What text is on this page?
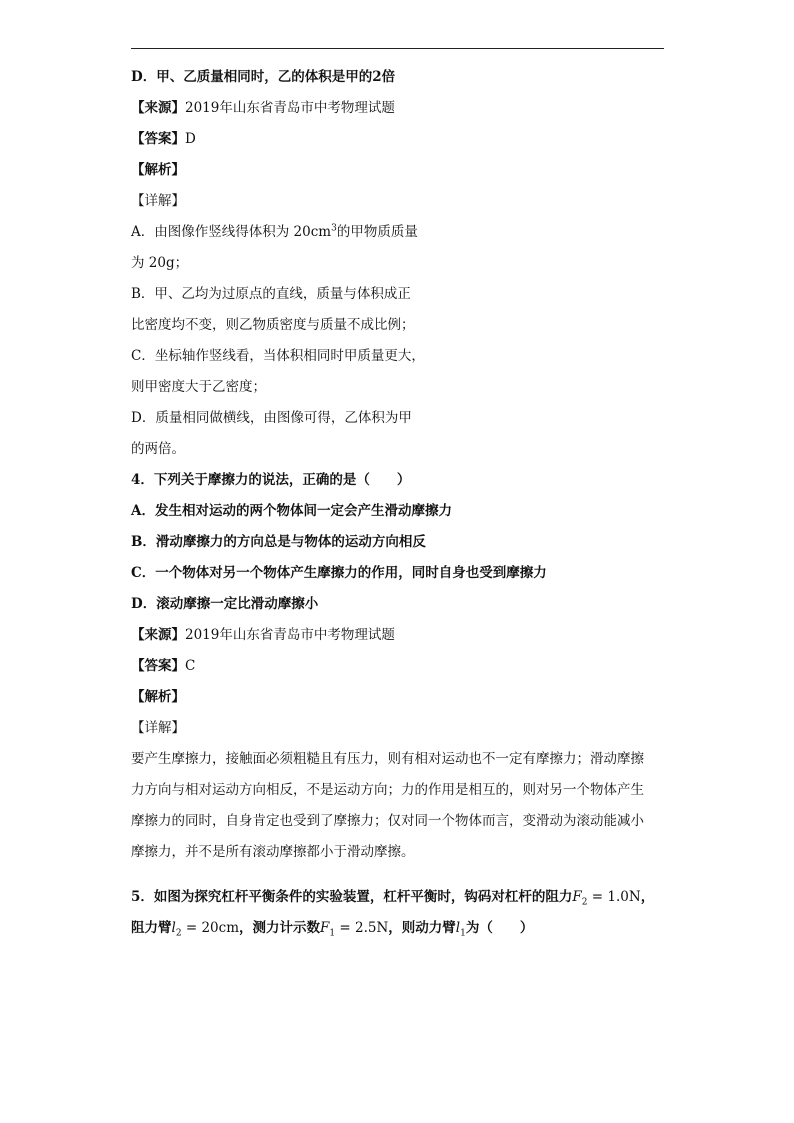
D．甲、乙质量相同时，乙的体积是甲的2倍
【来源】2019年山东省青岛市中考物理试题
【答案】D
【解析】
【详解】
A．由图像作竖线得体积为 $20cm^3$的甲物质质量
为 20g；
B．甲、乙均为过原点的直线，质量与体积成正
比密度均不变，则乙物质密度与质量不成比例；
C．坐标轴作竖线看，当体积相同时甲质量更大，
则甲密度大于乙密度；
D．质量相同做横线，由图像可得，乙体积为甲
的两倍。
4．下列关于摩擦力的说法，正确的是（　　）
A．发生相对运动的两个物体间一定会产生滑动摩擦力
B．滑动摩擦力的方向总是与物体的运动方向相反
C．一个物体对另一个物体产生摩擦力的作用，同时自身也受到摩擦力
D．滚动摩擦一定比滑动摩擦小
【来源】2019年山东省青岛市中考物理试题
【答案】C
【解析】
【详解】
要产生摩擦力，接触面必须粗糙且有压力，则有相对运动也不一定有摩擦力；滑动摩擦
力方向与相对运动方向相反，不是运动方向；力的作用是相互的，则对另一个物体产生
摩擦力的同时，自身肯定也受到了摩擦力；仅对同一个物体而言，变滑动为滚动能减小
摩擦力，并不是所有滚动摩擦都小于滑动摩擦。
5．如图为探究杠杆平衡条件的实验装置，杠杆平衡时，钩码对杠杆的阻力$F_2 = 1.0N$，
阻力臂$l_2 = 20cm$，测力计示数$F_1 = 2.5N$，则动力臂$l_1$为（　　）
